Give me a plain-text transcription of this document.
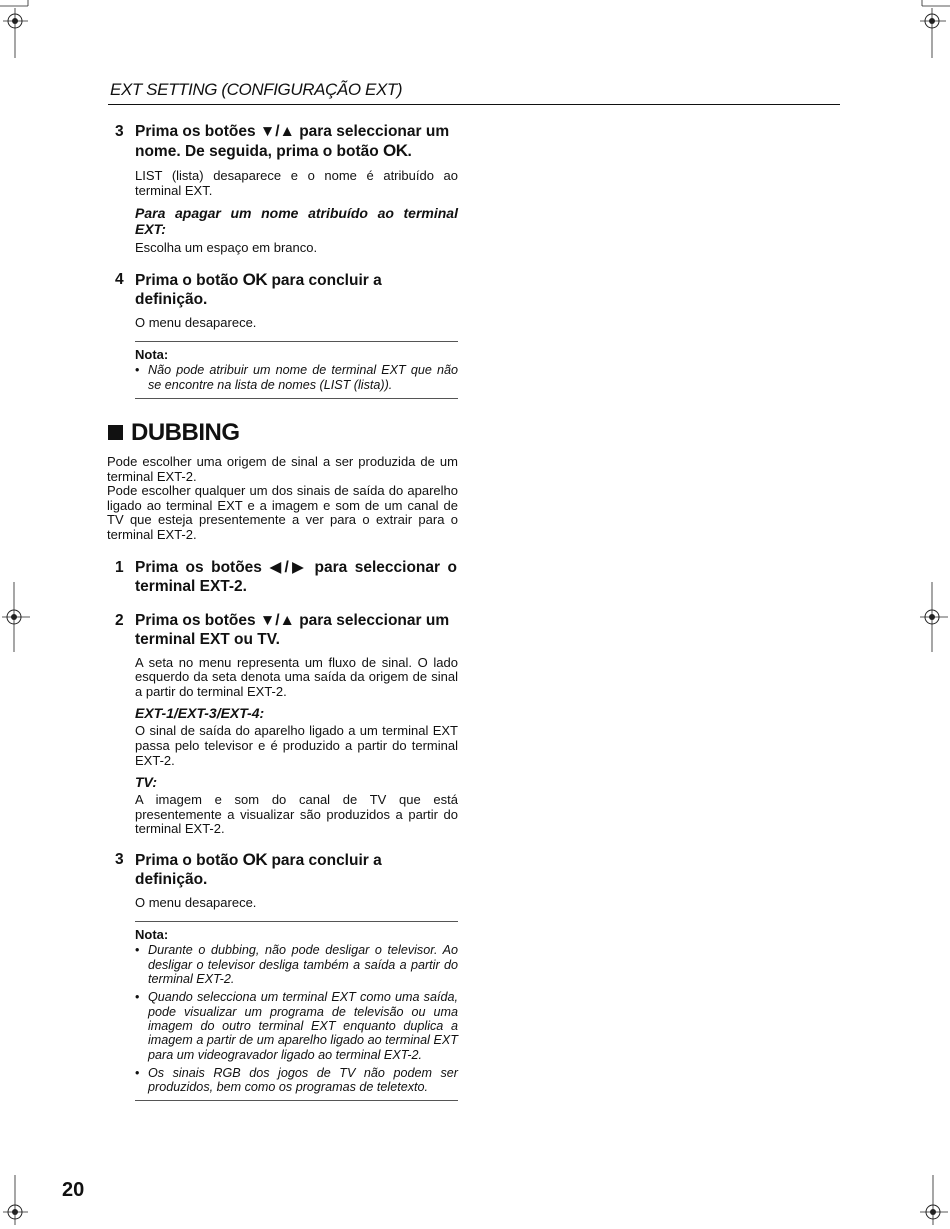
EXT SETTING (CONFIGURAÇÃO EXT)
3 Prima os botões ▼/▲ para seleccionar um nome. De seguida, prima o botão OK.
LIST (lista) desaparece e o nome é atribuído ao terminal EXT.
Para apagar um nome atribuído ao terminal EXT:
Escolha um espaço em branco.
4 Prima o botão OK para concluir a definição.
O menu desaparece.
Nota:
• Não pode atribuir um nome de terminal EXT que não se encontre na lista de nomes (LIST (lista)).
DUBBING
Pode escolher uma origem de sinal a ser produzida de um terminal EXT-2.
Pode escolher qualquer um dos sinais de saída do aparelho ligado ao terminal EXT e a imagem e som de um canal de TV que esteja presentemente a ver para o extrair para o terminal EXT-2.
1 Prima os botões ◀/▶ para seleccionar o terminal EXT-2.
2 Prima os botões ▼/▲ para seleccionar um terminal EXT ou TV.
A seta no menu representa um fluxo de sinal. O lado esquerdo da seta denota uma saída da origem de sinal a partir do terminal EXT-2.
EXT-1/EXT-3/EXT-4:
O sinal de saída do aparelho ligado a um terminal EXT passa pelo televisor e é produzido a partir do terminal EXT-2.
TV:
A imagem e som do canal de TV que está presentemente a visualizar são produzidos a partir do terminal EXT-2.
3 Prima o botão OK para concluir a definição.
O menu desaparece.
Nota:
• Durante o dubbing, não pode desligar o televisor. Ao desligar o televisor desliga também a saída a partir do terminal EXT-2.
• Quando selecciona um terminal EXT como uma saída, pode visualizar um programa de televisão ou uma imagem do outro terminal EXT enquanto duplica a imagem a partir de um aparelho ligado ao terminal EXT para um videogravador ligado ao terminal EXT-2.
• Os sinais RGB dos jogos de TV não podem ser produzidos, bem como os programas de teletexto.
20
